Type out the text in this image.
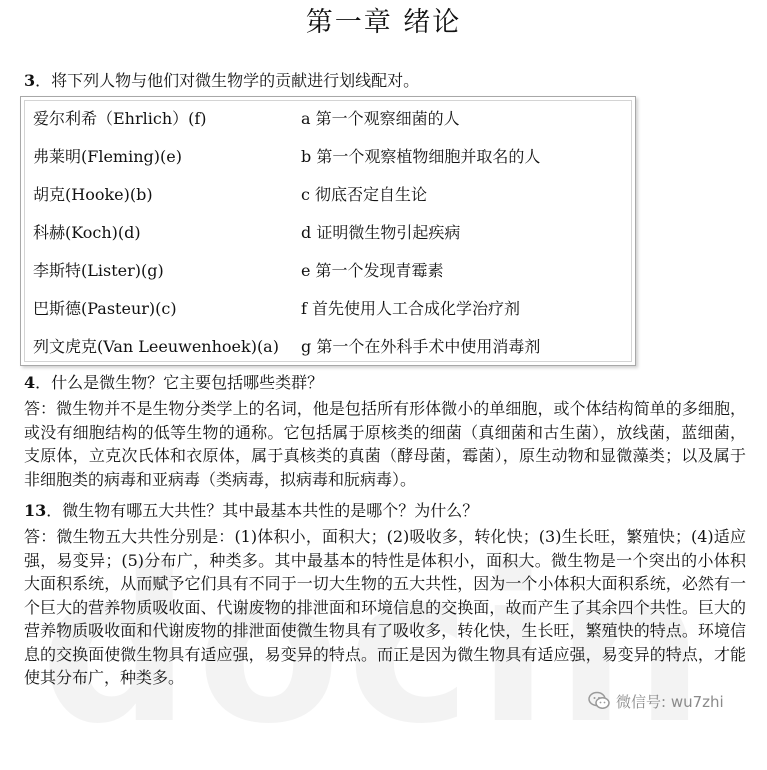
第一章 绪论
3．将下列人物与他们对微生物学的贡献进行划线配对。
爱尔利希（Ehrlich）(f)	a 第一个观察细菌的人
弗莱明(Fleming)(e)	b 第一个观察植物细胞并取名的人
胡克(Hooke)(b)	c 彻底否定自生论
科赫(Koch)(d)	d 证明微生物引起疾病
李斯特(Lister)(g)	e 第一个发现青霉素
巴斯德(Pasteur)(c)	f 首先使用人工合成化学治疗剂
列文虎克(Van Leeuwenhoek)(a) g 第一个在外科手术中使用消毒剂
4．什么是微生物？它主要包括哪些类群？
答：微生物并不是生物分类学上的名词，他是包括所有形体微小的单细胞，或个体结构简单的多细胞，或没有细胞结构的低等生物的通称。它包括属于原核类的细菌（真细菌和古生菌），放线菌，蓝细菌，支原体，立克次氏体和衣原体，属于真核类的真菌（酵母菌，霉菌），原生动物和显微藻类；以及属于非细胞类的病毒和亚病毒（类病毒，拟病毒和朊病毒）。
13．微生物有哪五大共性？其中最基本共性的是哪个？为什么？
答：微生物五大共性分别是：(1)体积小，面积大；(2)吸收多，转化快；(3)生长旺，繁殖快；(4)适应强，易变异；(5)分布广，种类多。其中最基本的特性是体积小，面积大。微生物是一个突出的小体积大面积系统，从而赋予它们具有不同于一切大生物的五大共性，因为一个小体积大面积系统，必然有一个巨大的营养物质吸收面、代谢废物的排泄面和环境信息的交换面，故而产生了其余四个共性。巨大的营养物质吸收面和代谢废物的排泄面使微生物具有了吸收多，转化快，生长旺，繁殖快的特点。环境信息的交换面使微生物具有适应强，易变异的特点。而正是因为微生物具有适应强，易变异的特点，才能使其分布广，种类多。
微信号: wu7zhi
